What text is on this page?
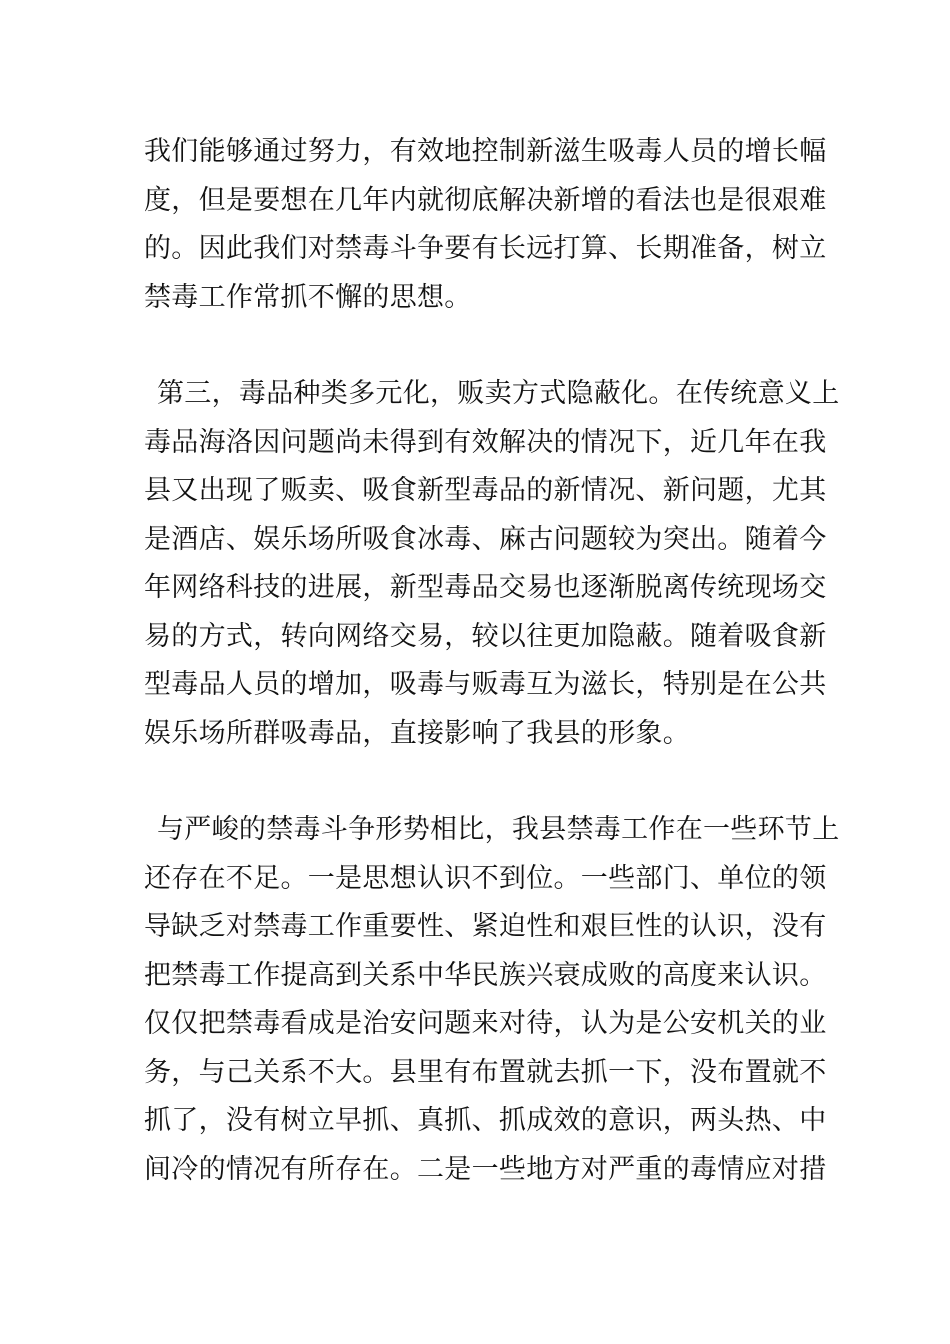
我们能够通过努力，有效地控制新滋生吸毒人员的增长幅
度，但是要想在几年内就彻底解决新增的看法也是很艰难
的。因此我们对禁毒斗争要有长远打算、长期准备，树立
禁毒工作常抓不懈的思想。
第三，毒品种类多元化，贩卖方式隐蔽化。在传统意义上
毒品海洛因问题尚未得到有效解决的情况下，近几年在我
县又出现了贩卖、吸食新型毒品的新情况、新问题，尤其
是酒店、娱乐场所吸食冰毒、麻古问题较为突出。随着今
年网络科技的进展，新型毒品交易也逐渐脱离传统现场交
易的方式，转向网络交易，较以往更加隐蔽。随着吸食新
型毒品人员的增加，吸毒与贩毒互为滋长，特别是在公共
娱乐场所群吸毒品，直接影响了我县的形象。
与严峻的禁毒斗争形势相比，我县禁毒工作在一些环节上
还存在不足。一是思想认识不到位。一些部门、单位的领
导缺乏对禁毒工作重要性、紧迫性和艰巨性的认识，没有
把禁毒工作提高到关系中华民族兴衰成败的高度来认识。
仅仅把禁毒看成是治安问题来对待，认为是公安机关的业
务，与己关系不大。县里有布置就去抓一下，没布置就不
抓了，没有树立早抓、真抓、抓成效的意识，两头热、中
间冷的情况有所存在。二是一些地方对严重的毒情应对措
